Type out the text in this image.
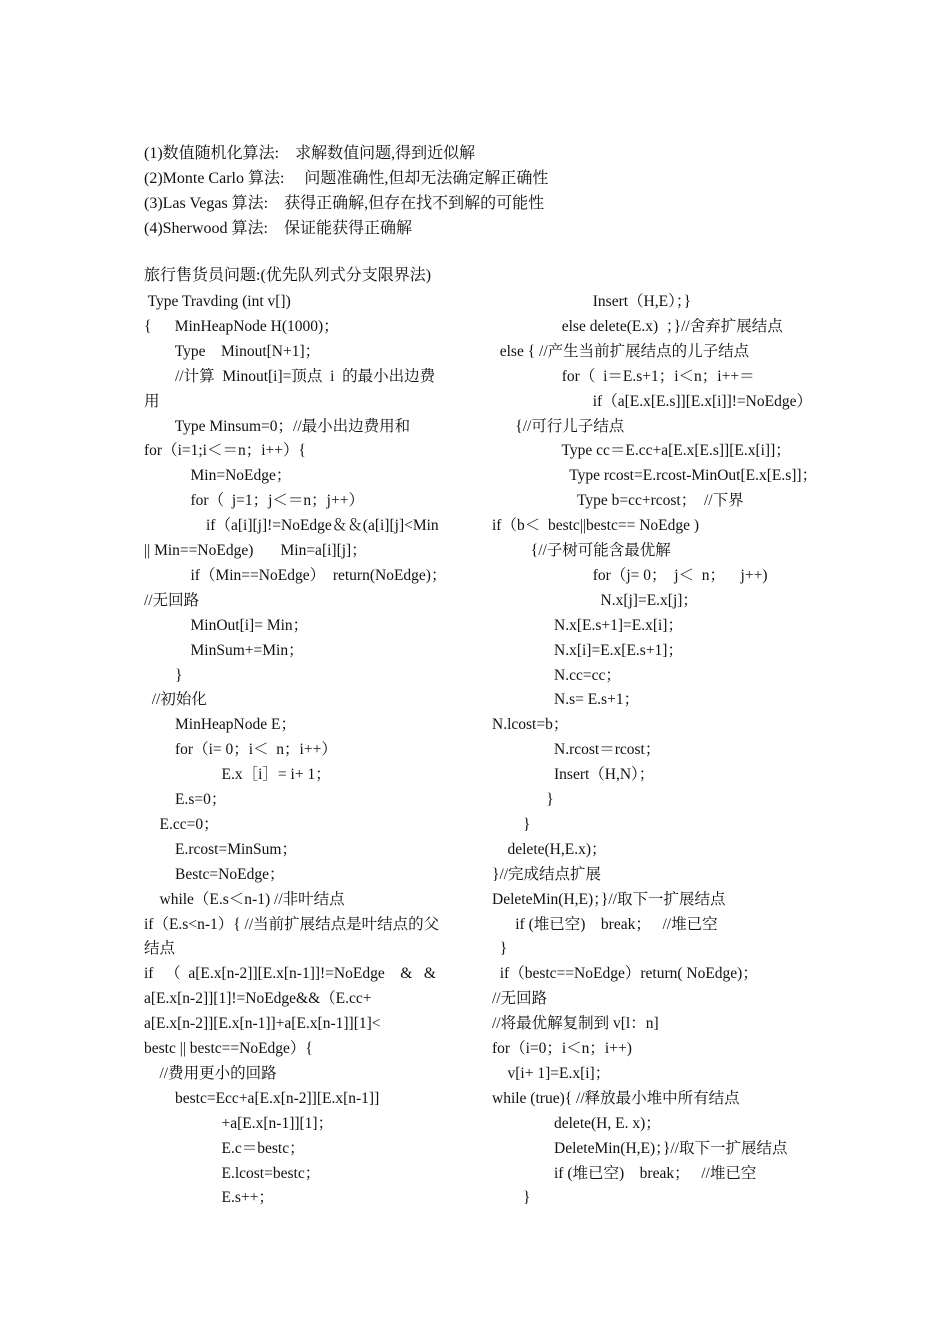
(1)数值随机化算法:    求解数值问题,得到近似解
(2)Monte Carlo 算法:     问题准确性,但却无法确定解正确性
(3)Las Vegas 算法:    获得正确解,但存在找不到解的可能性
(4)Sherwood 算法:    保证能获得正确解
旅行售货员问题:(优先队列式分支限界法)
Type Travding (int v[])
{      MinHeapNode H(1000)；
Type    Minout[N+1]；
//计算  Minout[i]=顶点  i  的最小出边费
用
Type Minsum=0；//最小出边费用和
for（i=1;i＜＝n；i++）{
Min=NoEdge；
for（  j=1；j＜＝n；j++）
if（a[i][j]!=NoEdge＆＆(a[i][j]<Min
|| Min==NoEdge)       Min=a[i][j]；
if（Min==NoEdge）  return(NoEdge)；
//无回路
MinOut[i]= Min；
MinSum+=Min；
}
//初始化
MinHeapNode E；
for（i= 0；i＜  n；i++）
E.x［i］= i+ 1；
E.s=0；
E.cc=0；
E.rcost=MinSum；
Bestc=NoEdge；
while（E.s＜n-1) //非叶结点
if（E.s<n-1）{ //当前扩展结点是叶结点的父
结点
if   （  a[E.x[n-2]][E.x[n-1]]!=NoEdge    &   &
a[E.x[n-2]][1]!=NoEdge&&（E.cc+
a[E.x[n-2]][E.x[n-1]]+a[E.x[n-1]][1]<
bestc || bestc==NoEdge）{
//费用更小的回路
bestc=Ecc+a[E.x[n-2]][E.x[n-1]]
+a[E.x[n-1]][1]；
E.c＝bestc；
E.lcost=bestc；
E.s++；
Insert（H,E）；}
else delete(E.x)  ；}//舍弃扩展结点
else { //产生当前扩展结点的儿子结点
for（  i＝E.s+1；i＜n；i++＝
if（a[E.x[E.s]][E.x[i]]!=NoEdge）
{//可行儿子结点
Type cc＝E.cc+a[E.x[E.s]][E.x[i]]；
Type rcost=E.rcost-MinOut[E.x[E.s]]；
Type b=cc+rcost；  //下界
if（b＜  bestc||bestc== NoEdge )
{//子树可能含最优解
for（j= 0；  j＜  n；    j++)
N.x[j]=E.x[j]；
N.x[E.s+1]=E.x[i]；
N.x[i]=E.x[E.s+1]；
N.cc=cc；
N.s= E.s+1；
N.lcost=b；
N.rcost＝rcost；
Insert（H,N）；
}
}
delete(H,E.x)；
}//完成结点扩展
DeleteMin(H,E)；}//取下一扩展结点
if (堆已空)    break；   //堆已空
}
if（bestc==NoEdge）return( NoEdge)；
//无回路
//将最优解复制到 v[l：n]
for（i=0；i＜n；i++)
v[i+ 1]=E.x[i]；
while (true){ //释放最小堆中所有结点
delete(H, E. x)；
DeleteMin(H,E)；}//取下一扩展结点
if (堆已空)    break；   //堆已空
}
